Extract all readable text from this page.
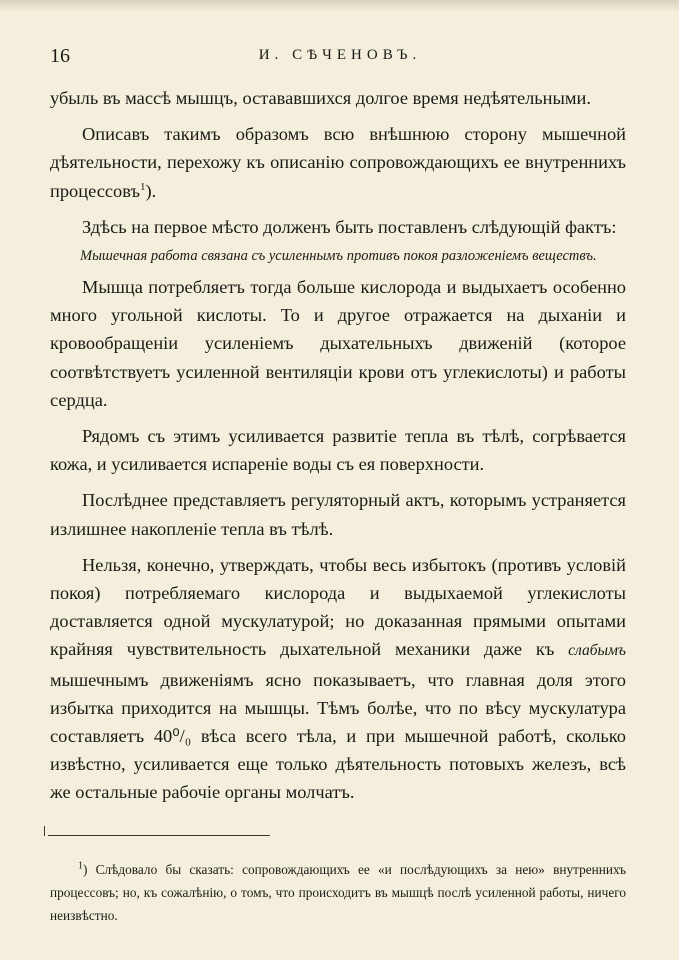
16	И. СѢЧЕНОВЪ.

убыль въ массѣ мышцъ, остававшихся долгое время недѣятельными.

Описавъ такимъ образомъ всю внѣшнюю сторону мышечной дѣятельности, перехожу къ описанію сопровождающихъ ее внутреннихъ процессовъ$^1$).

Здѣсь на первое мѣсто долженъ быть поставленъ слѣдующій фактъ:

Мышечная работа связана съ усиленнымъ противъ покоя разложеніемъ веществъ.

Мышца потребляетъ тогда больше кислорода и выдыхаетъ особенно много угольной кислоты. То и другое отражается на дыханіи и кровообращеніи усиленіемъ дыхательныхъ движеній (которое соотвѣтствуетъ усиленной вентиляціи крови отъ углекислоты) и работы сердца.

Рядомъ съ этимъ усиливается развитіе тепла въ тѣлѣ, согрѣвается кожа, и усиливается испареніе воды съ ея поверхности.

Послѣднее представляетъ регуляторный актъ, которымъ устраняется излишнее накопленіе тепла въ тѣлѣ.

Нельзя, конечно, утверждать, чтобы весь избытокъ (противъ условій покоя) потребляемаго кислорода и выдыхаемой углекислоты доставляется одной мускулатурой; но доказанная прямыми опытами крайняя чувствительность дыхательной механики даже къ слабымъ мышечнымъ движеніямъ ясно показываетъ, что главная доля этого избытка приходится на мышцы. Тѣмъ болѣе, что по вѣсу мускулатура составляетъ 40⁰/₀ вѣса всего тѣла, и при мышечной работѣ, сколько извѣстно, усиливается еще только дѣятельность потовыхъ железъ, всѣ же остальные рабочіе органы молчатъ.

$^1$) Слѣдовало бы сказать: сопровождающихъ ее «и послѣдующихъ за нею» внутреннихъ процессовъ; но, къ сожалѣнію, о томъ, что происходитъ въ мышцѣ послѣ усиленной работы, ничего неизвѣстно.
